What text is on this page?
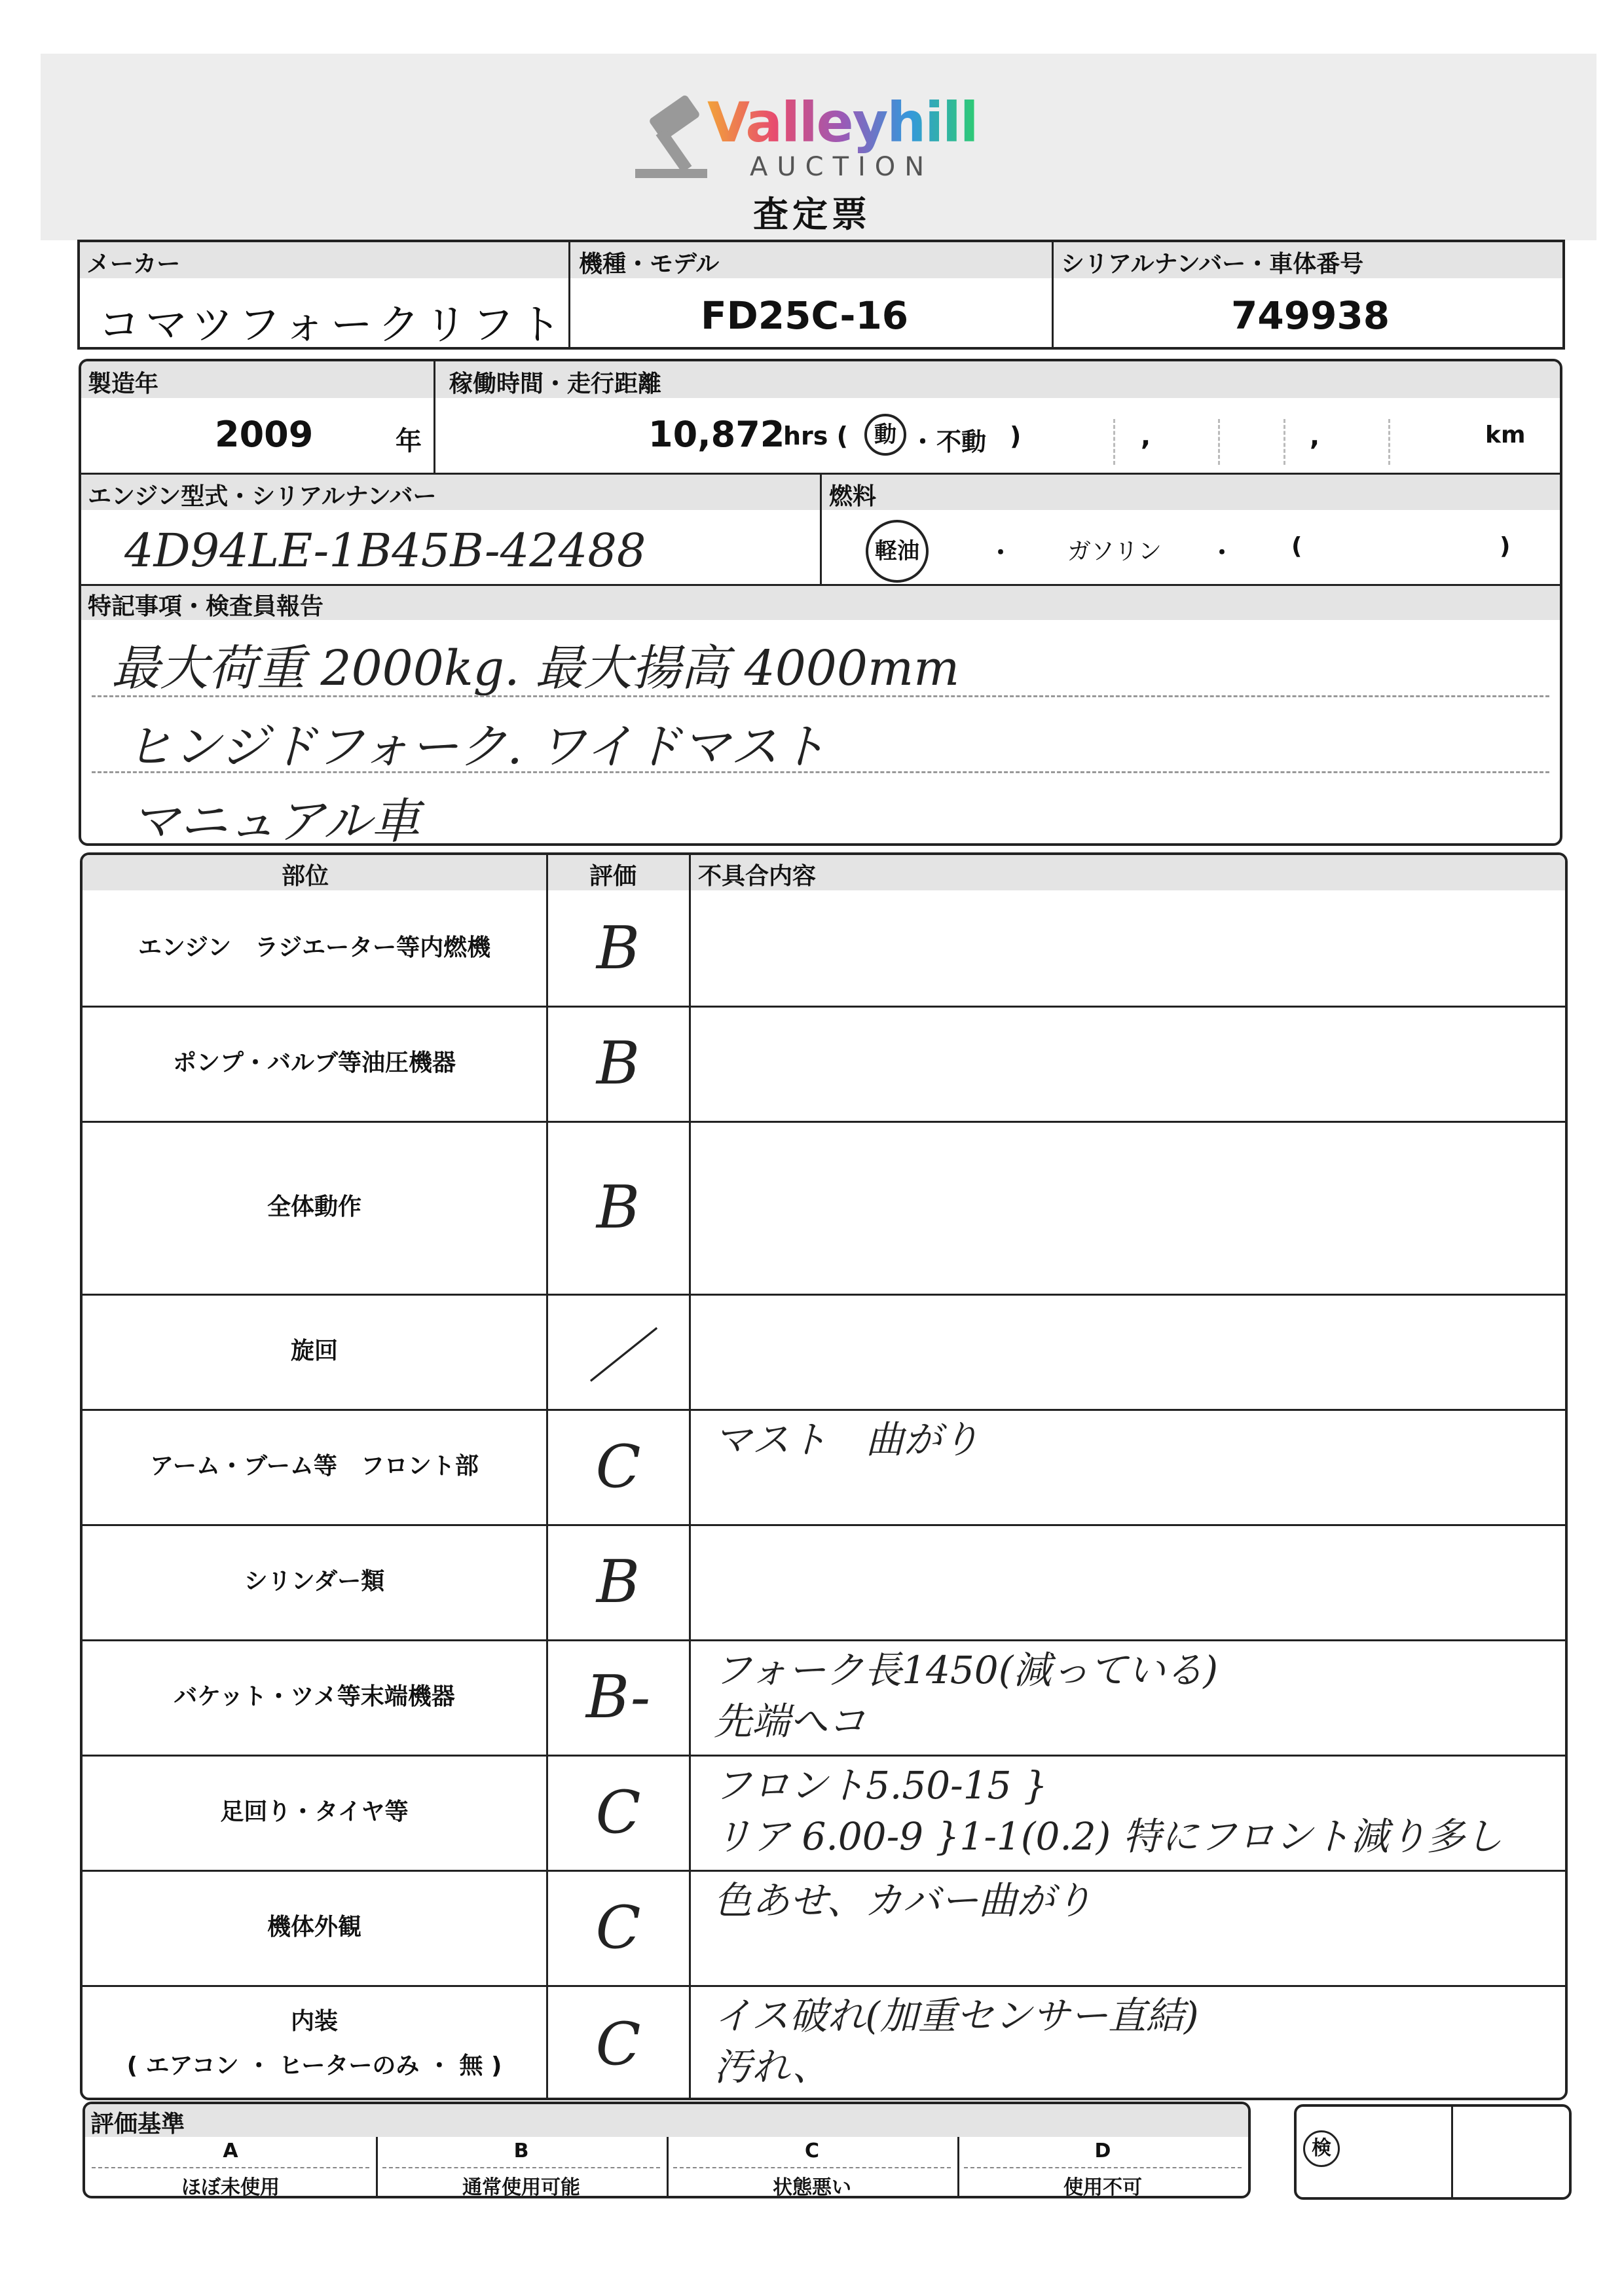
Valleyhill
AUCTION
査定票
メーカー	機種・モデル	シリアルナンバー・車体番号
コマツフォークリフト	FD25C-16	749938
製造年	稼働時間・走行距離
2009	年	10,872
hrs (	動 ・ 不動 )	,	,	km
エンジン型式・シリアルナンバー	燃料
4D94LE-1B45B-42488	軽油	・ ガソリン ・ (	)
特記事項・検査員報告
最大荷重 2000kg. 最大揚高 4000mm
ヒンジドフォーク. ワイドマスト
マニュアル車
部位	評価	不具合内容
エンジン　ラジエーター等内燃機	B
ポンプ・バルブ等油圧機器	B
全体動作	B
旋回	／
アーム・ブーム等　フロント部	C	マスト　曲がり
シリンダー類	B
バケット・ツメ等末端機器	B-	フォーク長1450(減っている)
先端へコ
足回り・タイヤ等	C	フロント5.50-15 }
リア 6.00-9 }1-1(0.2) 特にフロント減り多し
機体外観	C	色あせ、カバー曲がり
内装
( エアコン ・ ヒーターのみ ・ 無 )	C	イス破れ(加重センサー直結)
汚れ、
評価基準
A
ほぼ未使用
B
通常使用可能
C
状態悪い
D
使用不可
検
